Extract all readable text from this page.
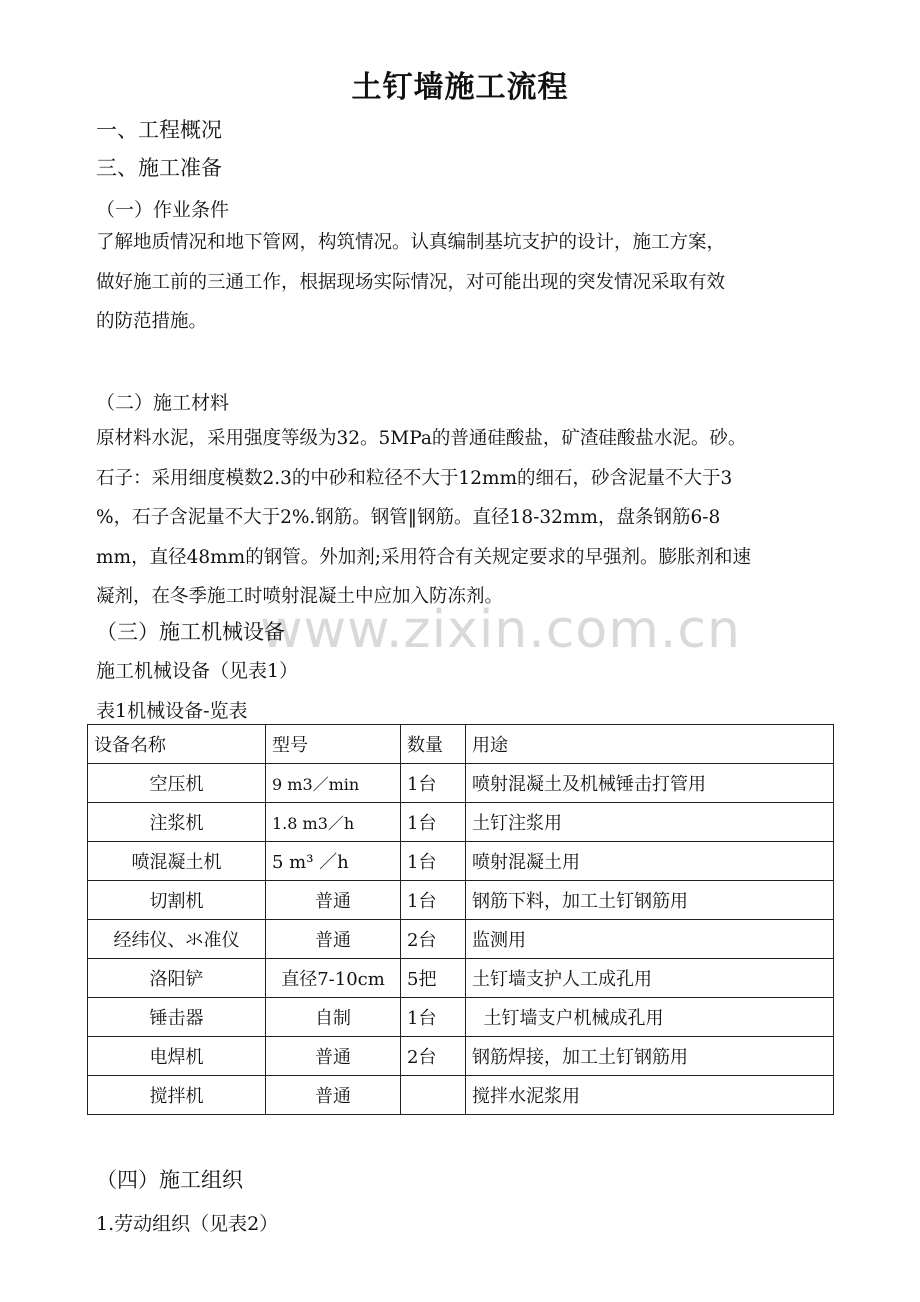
土钉墙施工流程
一、工程概况
三、施工准备
（一）作业条件
了解地质情况和地下管网，构筑情况。认真编制基坑支护的设计，施工方案，
做好施工前的三通工作，根据现场实际情况，对可能出现的突发情况采取有效
的防范措施。
（二）施工材料
原材料水泥，采用强度等级为32。5MPa的普通硅酸盐，矿渣硅酸盐水泥。砂。
石子：采用细度模数2.3的中砂和粒径不大于12mm的细石，砂含泥量不大于3
%，石子含泥量不大于2%.钢筋。钢管‖钢筋。直径18-32mm，盘条钢筋6-8
mm，直径48mm的钢管。外加剂;采用符合有关规定要求的早强剂。膨胀剂和速
凝剂，在冬季施工时喷射混凝土中应加入防冻剂。
www.zixin.com.cn
（三）施工机械设备
施工机械设备（见表1）
表1机械设备-览表
设备名称	型号	数量	用途
空压机	9 m3／min	1台	喷射混凝土及机械锤击打管用
注浆机	1.8 m3／h	1台	土钉注浆用
喷混凝土机	5 m³ ／h	1台	喷射混凝土用
切割机	普通	1台	钢筋下料，加工土钉钢筋用
经纬仪、氺准仪	普通	2台	监测用
洛阳铲	直径7-10cm	5把	土钉墙支护人工成孔用
锤击器	自制	1台	土钉墙支户机械成孔用
电焊机	普通	2台	钢筋焊接，加工土钉钢筋用
搅拌机	普通		搅拌水泥浆用
（四）施工组织
1.劳动组织（见表2）
